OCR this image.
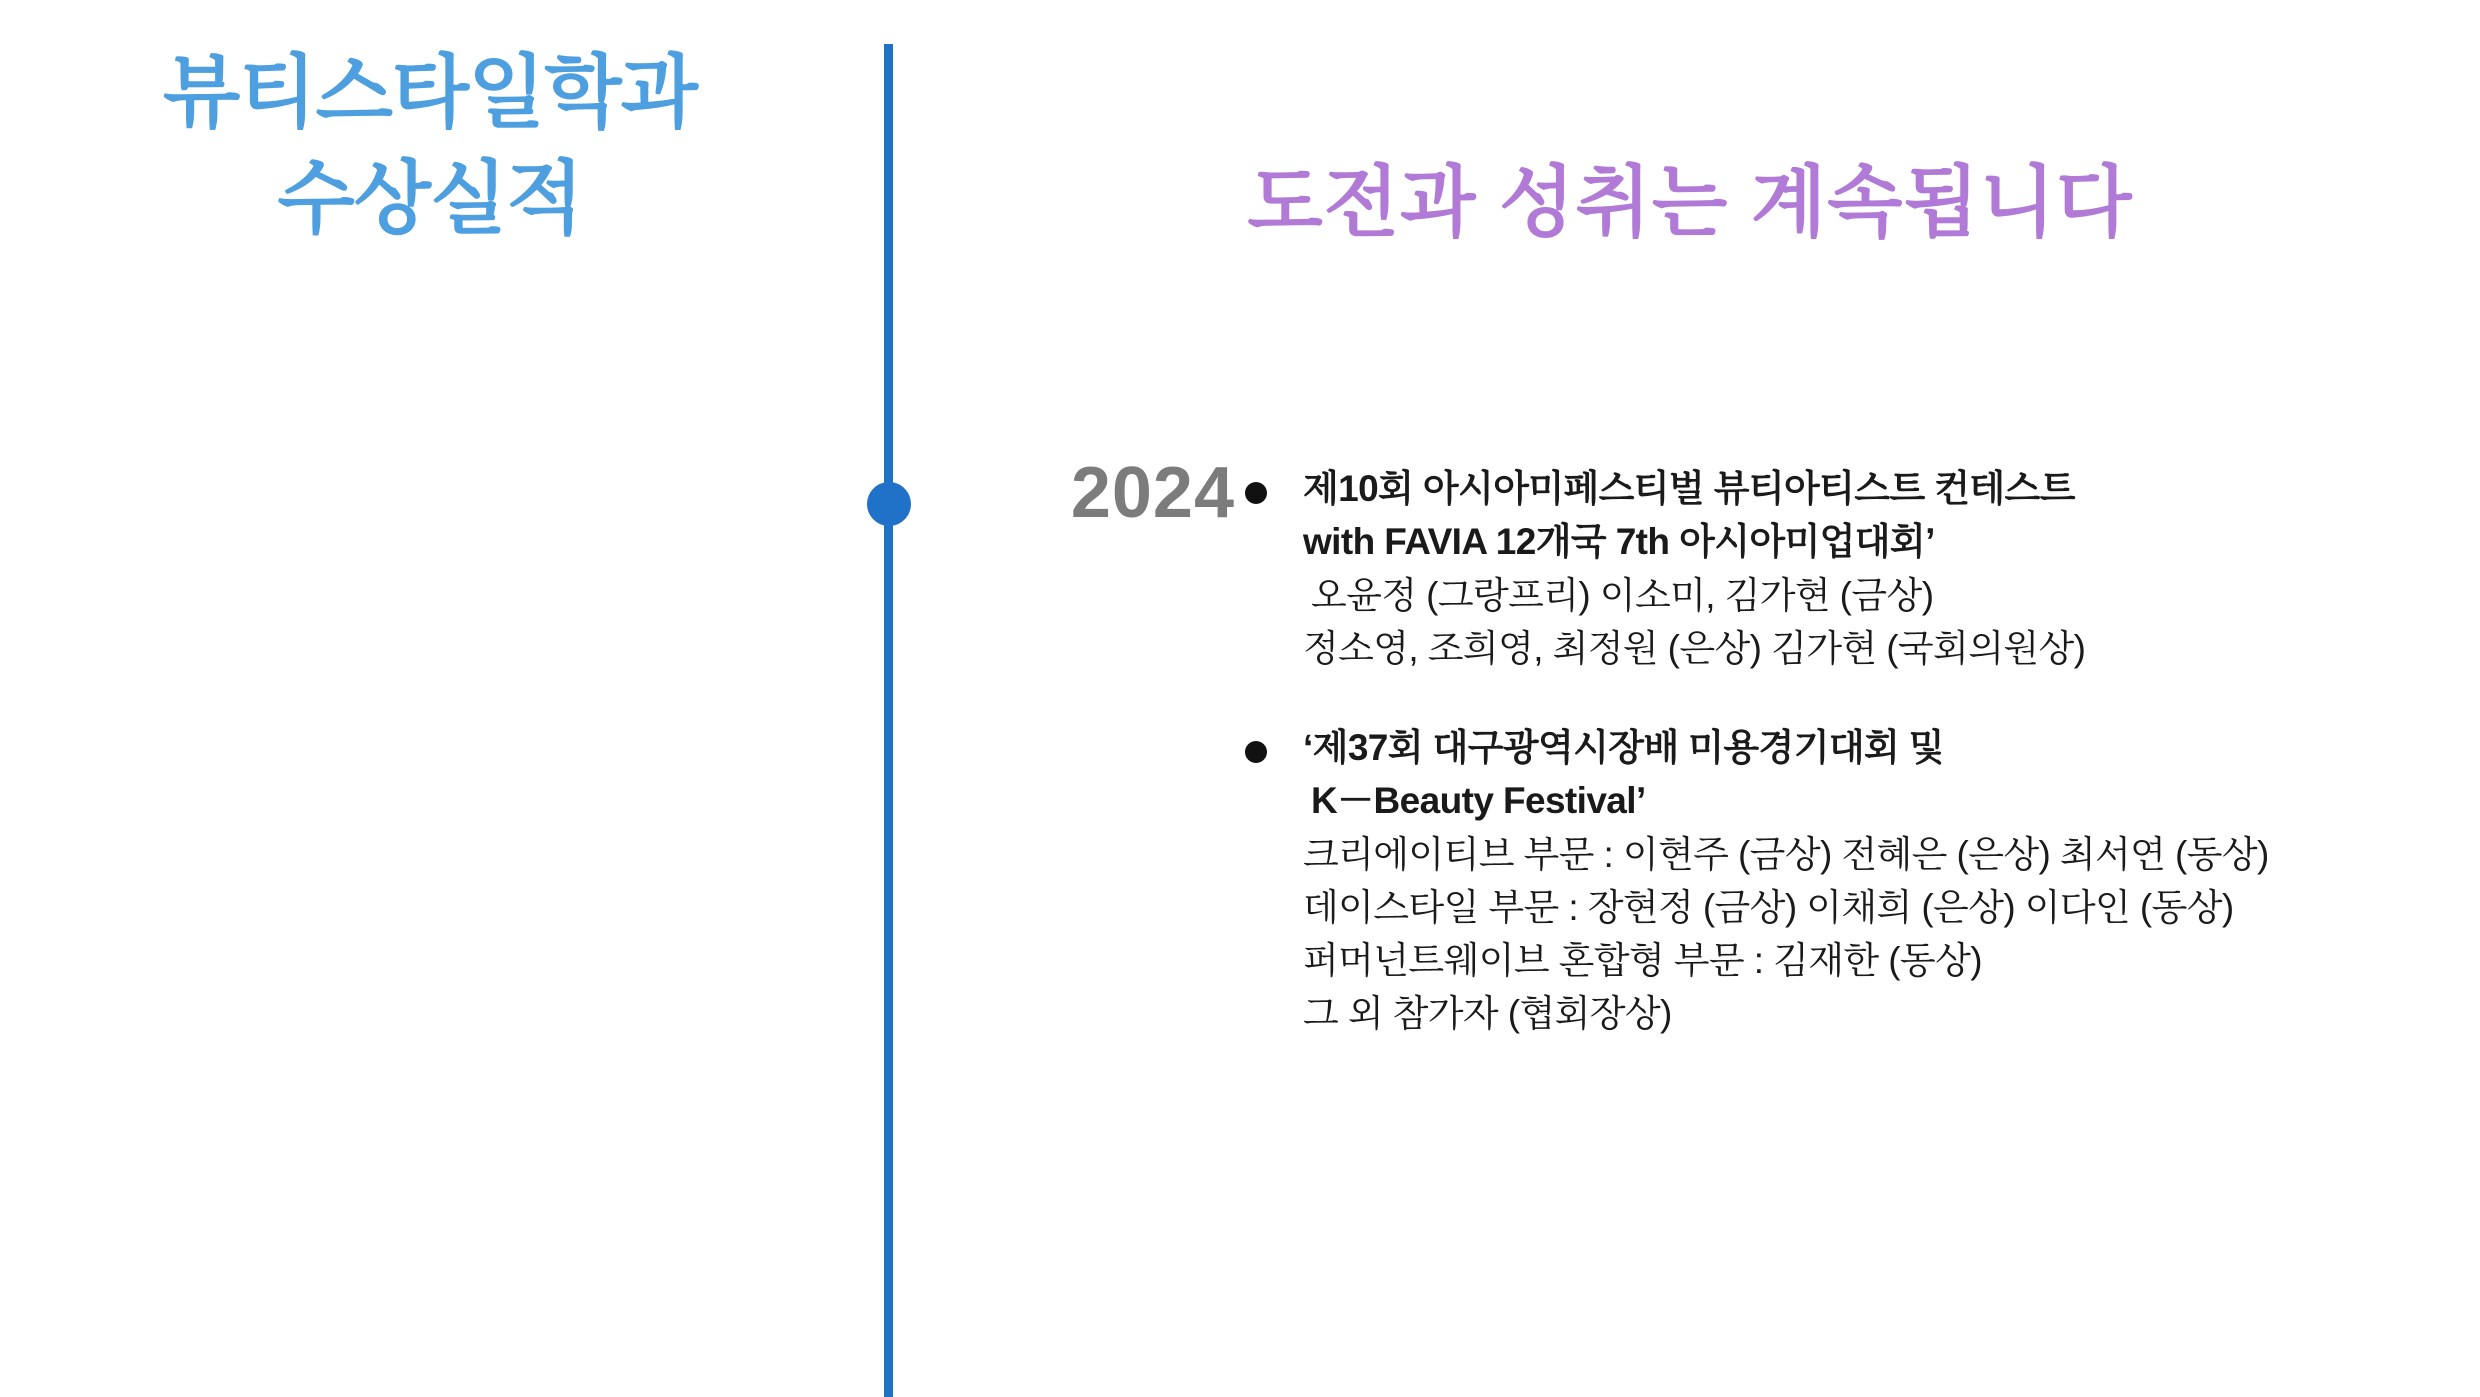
뷰티스타일학과
수상실적	도전과 성취는 계속됩니다
2024 제10회 아시아미페스티벌 뷰티아티스트 컨테스트
with FAVIA 12개국 7th 아시아미업대회’
오윤정 (그랑프리) 이소미, 김가현 (금상)
정소영, 조희영, 최정원 (은상) 김가현 (국회의원상)
‘제37회 대구광역시장배 미용경기대회 및
K－Beauty Festival’
크리에이티브 부문 : 이현주 (금상) 전혜은 (은상) 최서연 (동상)
데이스타일 부문 : 장현정 (금상) 이채희 (은상) 이다인 (동상)
퍼머넌트웨이브 혼합형 부문 : 김재한 (동상)
그 외 참가자 (협회장상)
